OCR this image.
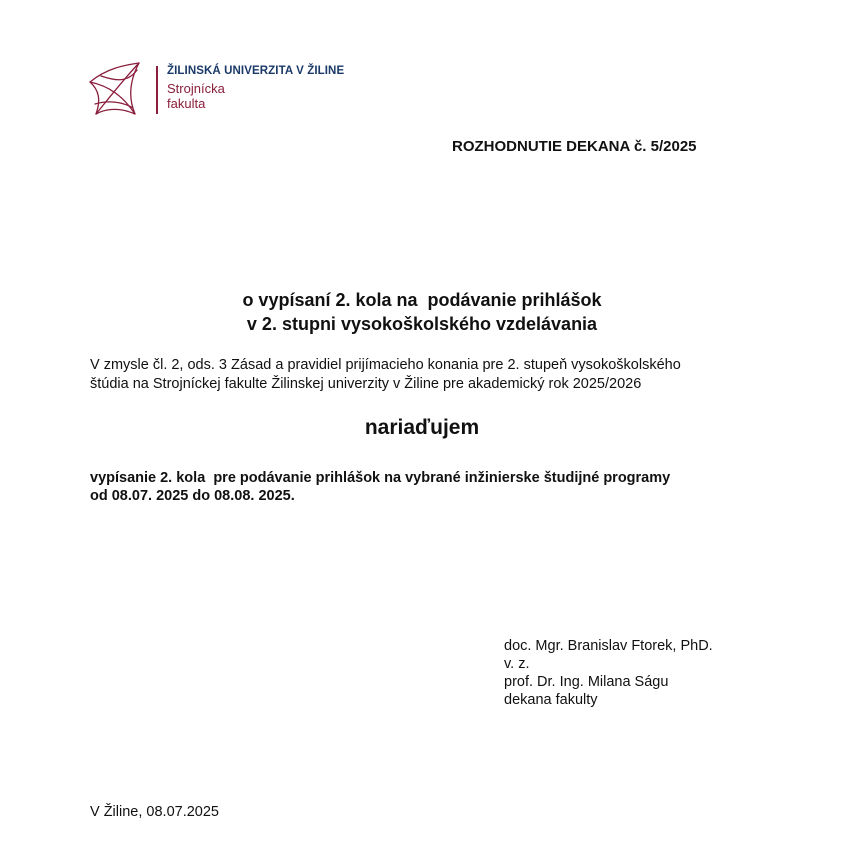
ŽILINSKÁ UNIVERZITA V ŽILINE
Strojnícka
fakulta
ROZHODNUTIE DEKANA č. 5/2025
o vypísaní 2. kola na  podávanie prihlášok
v 2. stupni vysokoškolského vzdelávania
V zmysle čl. 2, ods. 3 Zásad a pravidiel prijímacieho konania pre 2. stupeň vysokoškolského
štúdia na Strojníckej fakulte Žilinskej univerzity v Žiline pre akademický rok 2025/2026
nariaďujem
vypísanie 2. kola  pre podávanie prihlášok na vybrané inžinierske študijné programy
od 08.07. 2025 do 08.08. 2025.
doc. Mgr. Branislav Ftorek, PhD.
v. z.
prof. Dr. Ing. Milana Ságu
dekana fakulty
V Žiline, 08.07.2025
